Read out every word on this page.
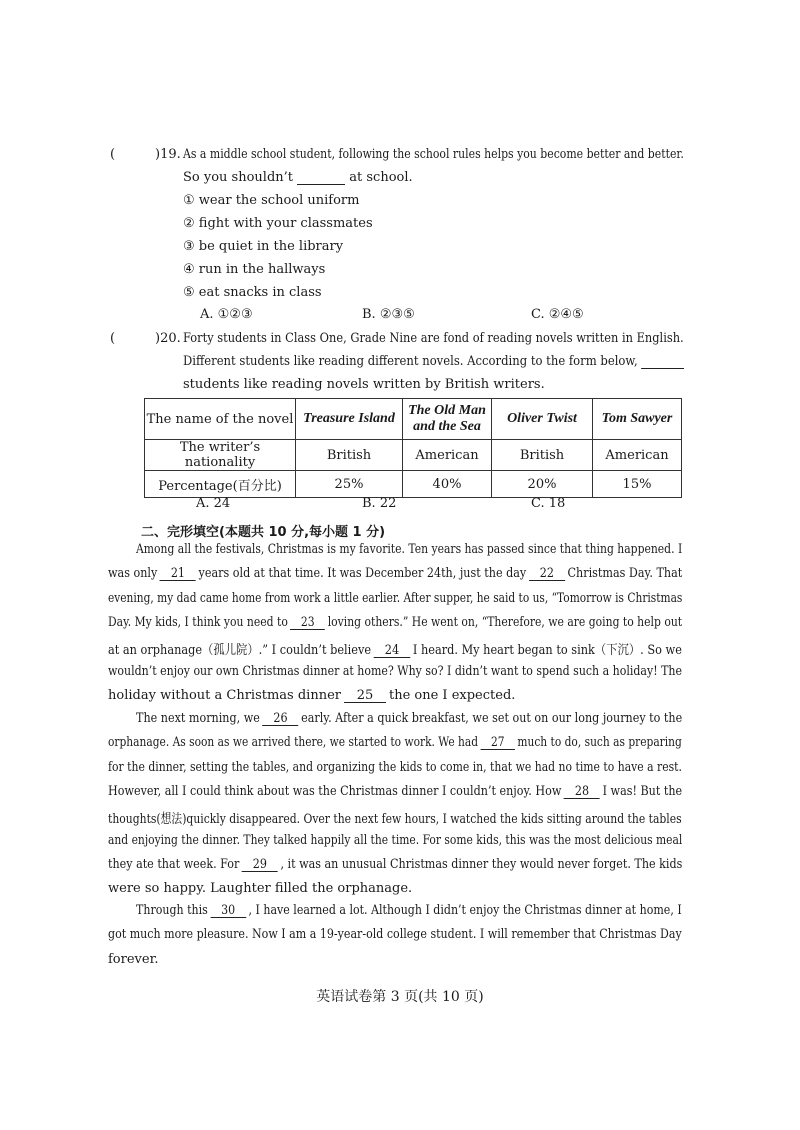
(	)19. As a middle school student, following the school rules helps you become better and better.
So you shouldn’t	at school.
① wear the school uniform
② fight with your classmates
③ be quiet in the library
④ run in the hallways
⑤ eat snacks in class
A. ①②③	B. ②③⑤	C. ②④⑤
(	)20. Forty students in Class One, Grade Nine are fond of reading novels written in English.
Different students like reading different novels. According to the form below,
students like reading novels written by British writers.
The name of the novel	Treasure Island	The Old Man and the Sea	Oliver Twist	Tom Sawyer
The writer’s nationality	British	American	British	American
Percentage(百分比)	25%	40%	20%	15%
A. 24	B. 22	C. 18
二、完形填空(本题共 10 分,每小题 1 分)
Among all the festivals, Christmas is my favorite. Ten years has passed since that thing happened. I
was only 21 years old at that time. It was December 24th, just the day 22 Christmas Day. That
evening, my dad came home from work a little earlier. After supper, he said to us, “Tomorrow is Christmas
Day. My kids, I think you need to 23 loving others.” He went on, “Therefore, we are going to help out
at an orphanage（孤儿院）.” I couldn’t believe 24 I heard. My heart began to sink（下沉）. So we
wouldn’t enjoy our own Christmas dinner at home? Why so? I didn’t want to spend such a holiday! The
holiday without a Christmas dinner 25 the one I expected.
The next morning, we 26 early. After a quick breakfast, we set out on our long journey to the
orphanage. As soon as we arrived there, we started to work. We had 27 much to do, such as preparing
for the dinner, setting the tables, and organizing the kids to come in, that we had no time to have a rest.
However, all I could think about was the Christmas dinner I couldn’t enjoy. How 28 I was! But the
thoughts(想法)quickly disappeared. Over the next few hours, I watched the kids sitting around the tables
and enjoying the dinner. They talked happily all the time. For some kids, this was the most delicious meal
they ate that week. For 29 , it was an unusual Christmas dinner they would never forget. The kids
were so happy. Laughter filled the orphanage.
Through this 30 , I have learned a lot. Although I didn’t enjoy the Christmas dinner at home, I
got much more pleasure. Now I am a 19-year-old college student. I will remember that Christmas Day
forever.
英语试卷第 3 页(共 10 页)
